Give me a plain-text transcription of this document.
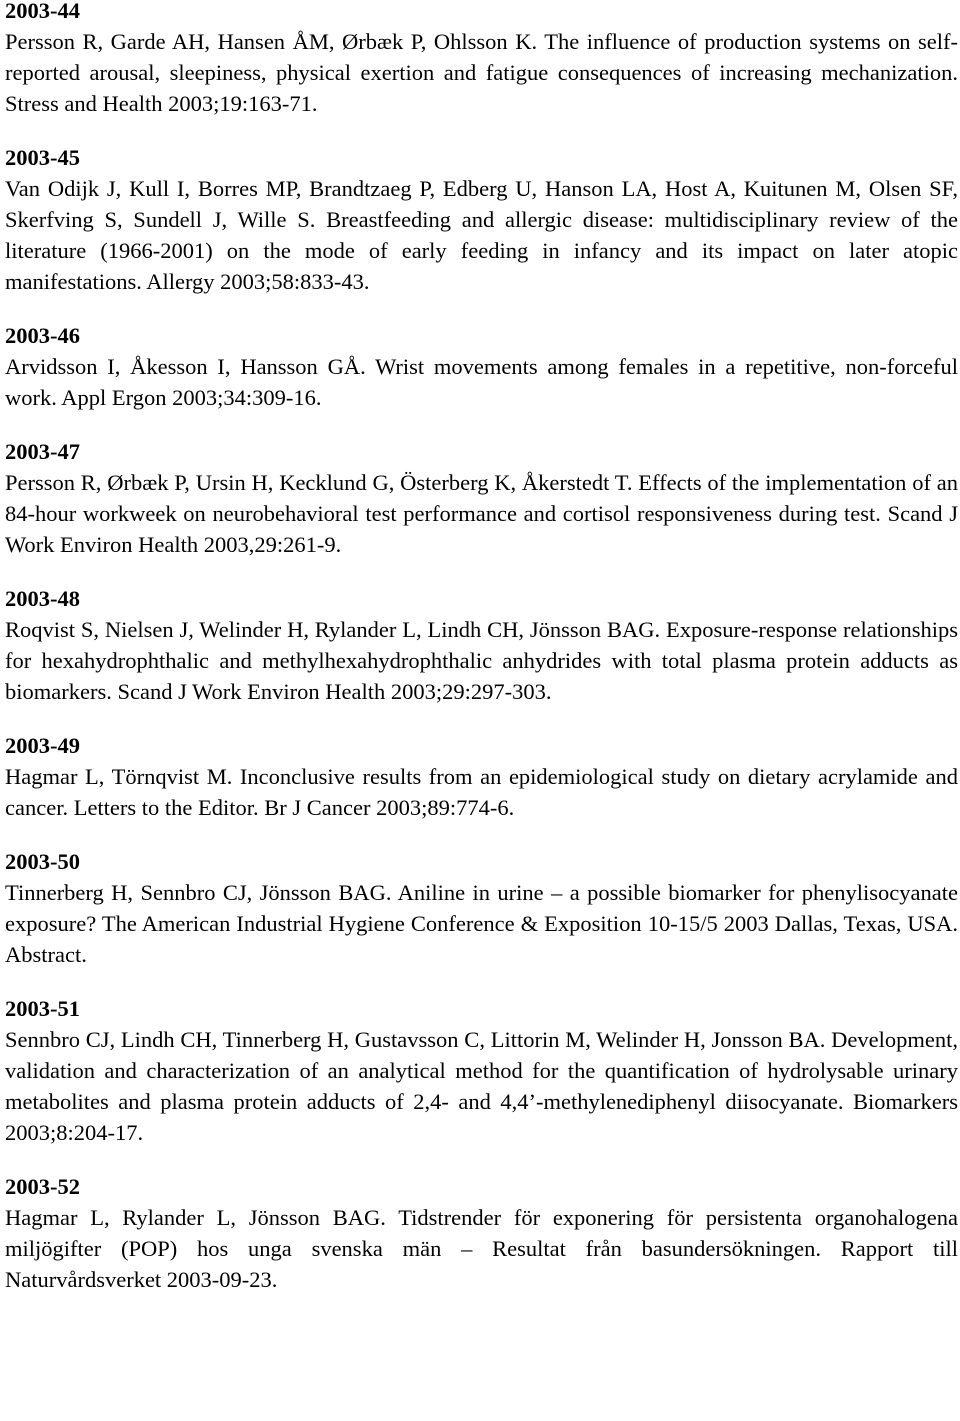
2003-44

Persson R, Garde AH, Hansen ÅM, Ørbæk P, Ohlsson K. The influence of production systems on self-reported arousal, sleepiness, physical exertion and fatigue consequences of increasing mechanization. Stress and Health 2003;19:163-71.

2003-45

Van Odijk J, Kull I, Borres MP, Brandtzaeg P, Edberg U, Hanson LA, Host A, Kuitunen M, Olsen SF, Skerfving S, Sundell J, Wille S. Breastfeeding and allergic disease: multidisciplinary review of the literature (1966-2001) on the mode of early feeding in infancy and its impact on later atopic manifestations. Allergy 2003;58:833-43.

2003-46

Arvidsson I, Åkesson I, Hansson GÅ. Wrist movements among females in a repetitive, non-forceful work. Appl Ergon 2003;34:309-16.

2003-47

Persson R, Ørbæk P, Ursin H, Kecklund G, Österberg K, Åkerstedt T. Effects of the implementation of an 84-hour workweek on neurobehavioral test performance and cortisol responsiveness during test. Scand J Work Environ Health 2003,29:261-9.

2003-48

Roqvist S, Nielsen J, Welinder H, Rylander L, Lindh CH, Jönsson BAG. Exposure-response relationships for hexahydrophthalic and methylhexahydrophthalic anhydrides with total plasma protein adducts as biomarkers. Scand J Work Environ Health 2003;29:297-303.

2003-49

Hagmar L, Törnqvist M. Inconclusive results from an epidemiological study on dietary acrylamide and cancer. Letters to the Editor. Br J Cancer 2003;89:774-6.

2003-50

Tinnerberg H, Sennbro CJ, Jönsson BAG. Aniline in urine – a possible biomarker for phenylisocyanate exposure? The American Industrial Hygiene Conference & Exposition 10-15/5 2003 Dallas, Texas, USA. Abstract.

2003-51

Sennbro CJ, Lindh CH, Tinnerberg H, Gustavsson C, Littorin M, Welinder H, Jonsson BA. Development, validation and characterization of an analytical method for the quantification of hydrolysable urinary metabolites and plasma protein adducts of 2,4- and 4,4’-methylenediphenyl diisocyanate. Biomarkers 2003;8:204-17.

2003-52

Hagmar L, Rylander L, Jönsson BAG. Tidstrender för exponering för persistenta organohalogena miljögifter (POP) hos unga svenska män – Resultat från basundersökningen. Rapport till Naturvårdsverket 2003-09-23.
